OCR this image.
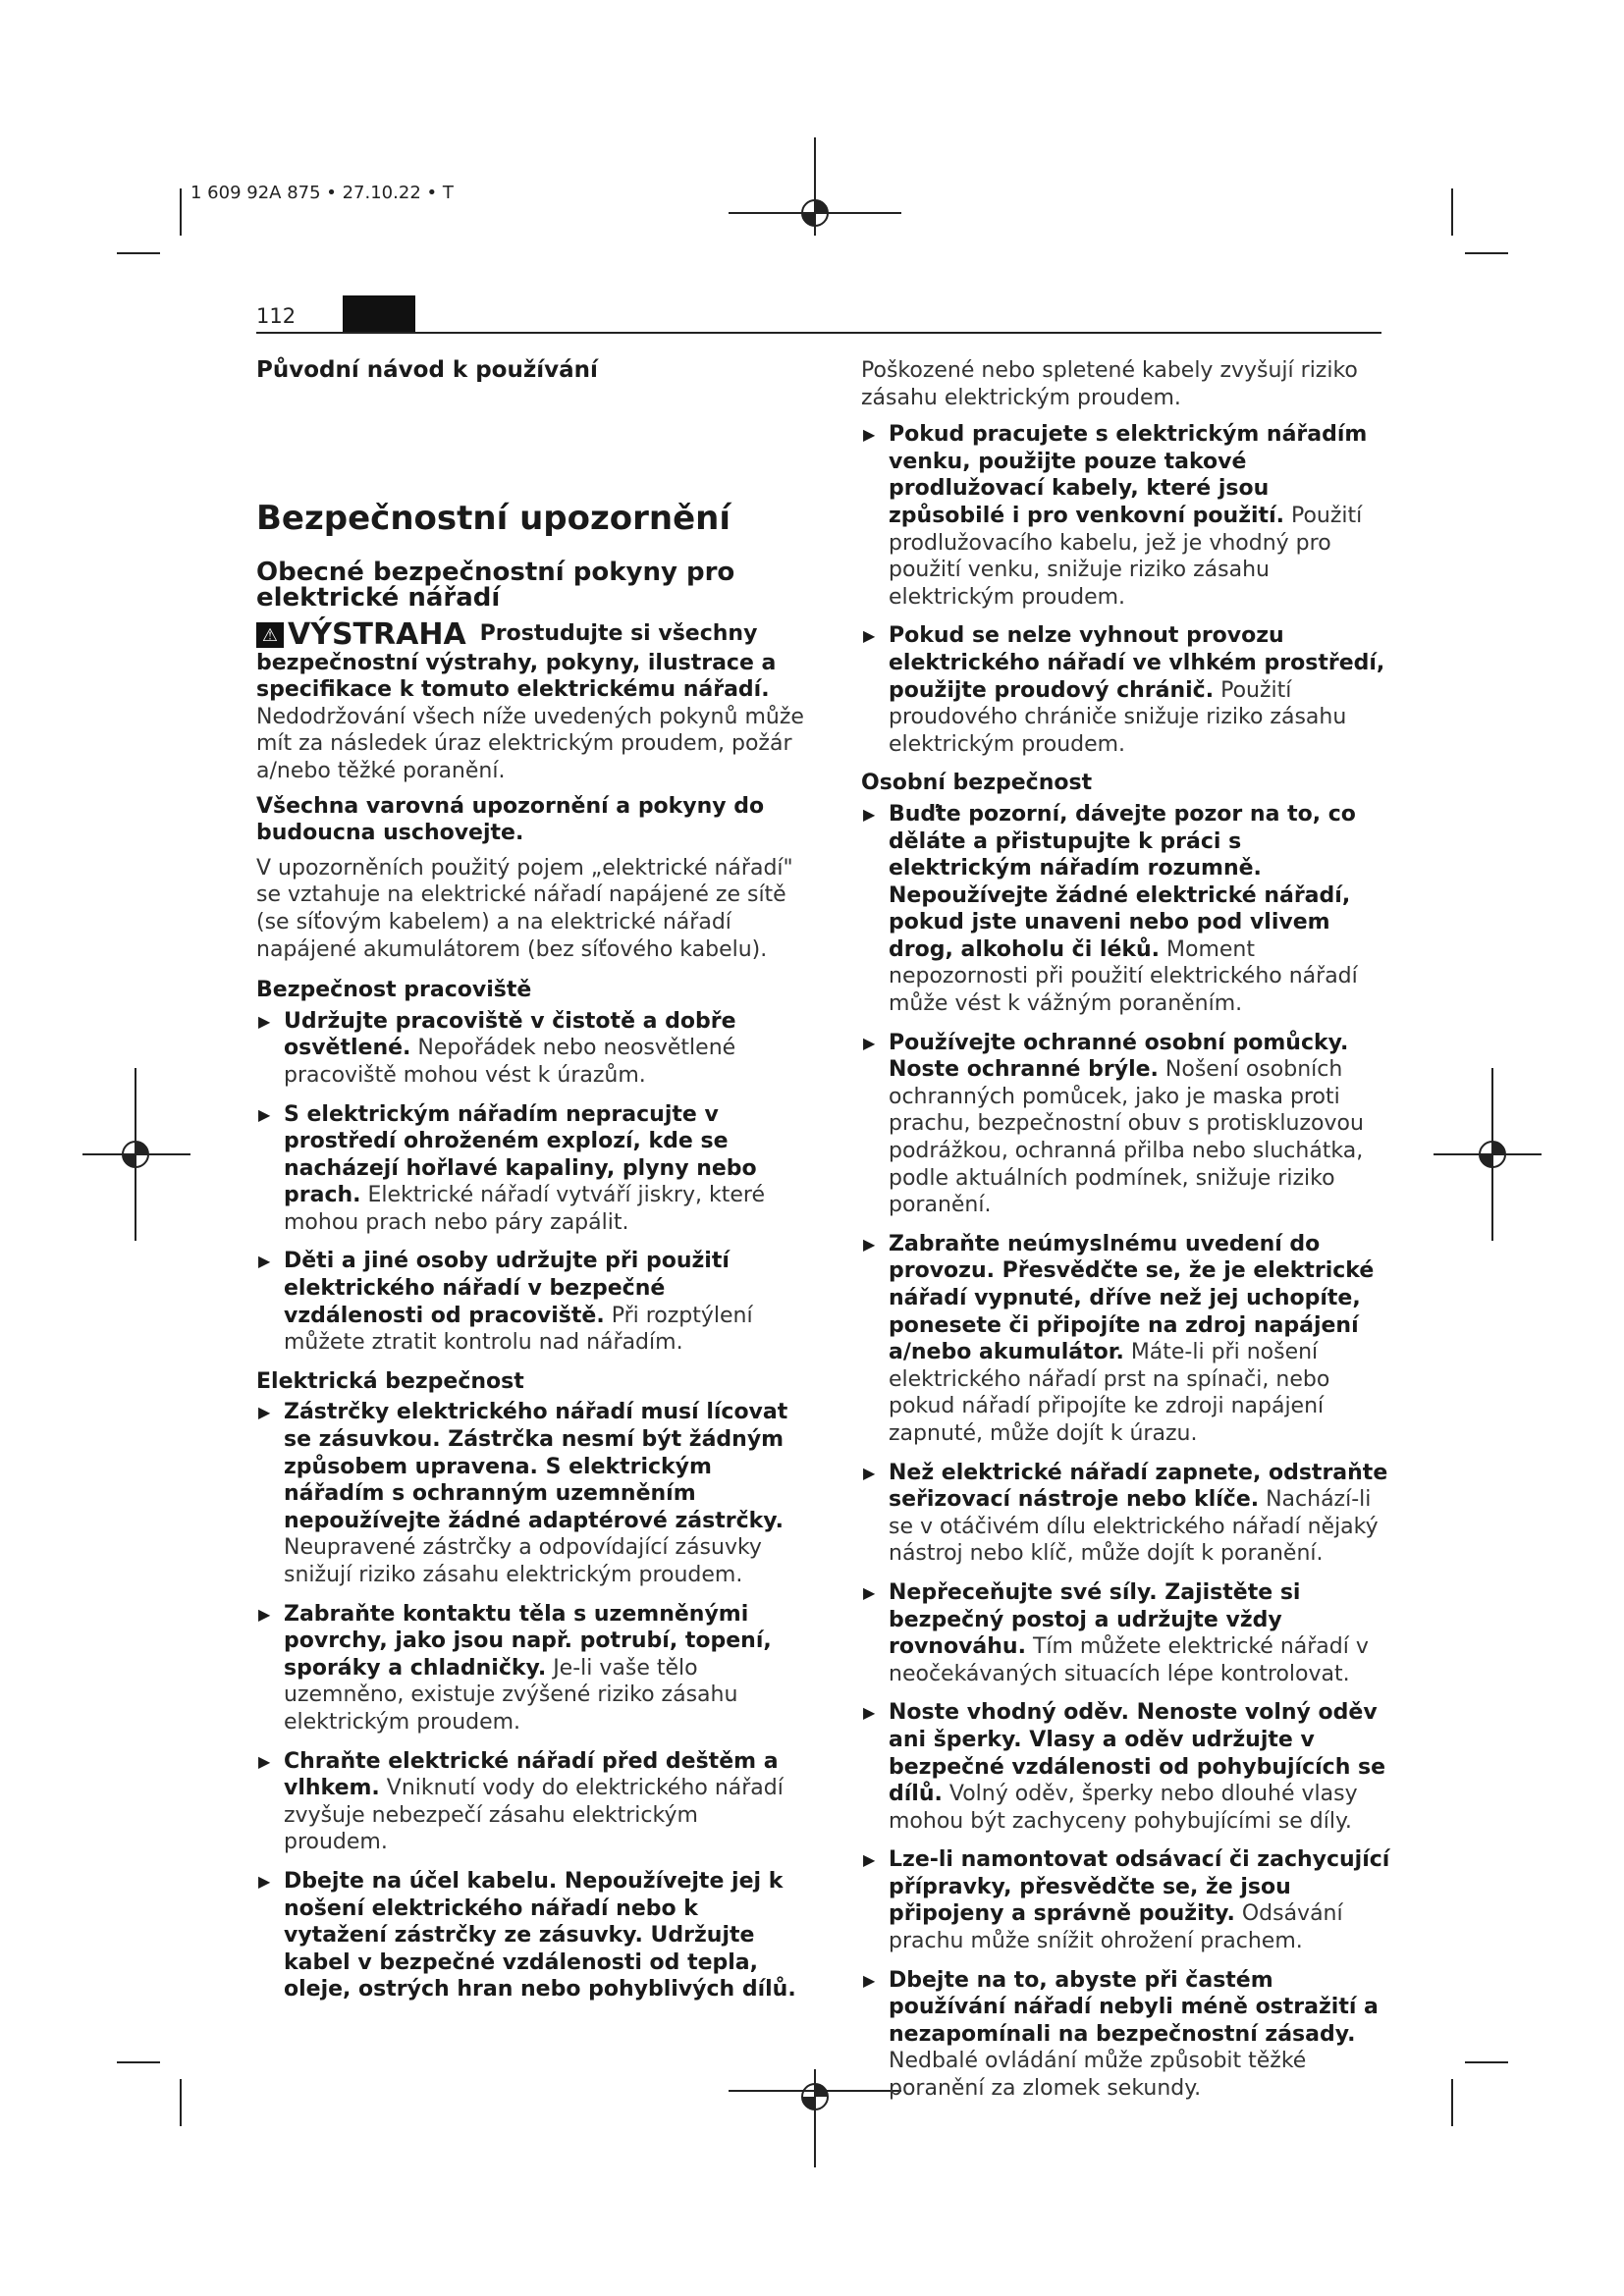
1 609 92A 875 • 27.10.22 • T
112

Původní návod k používání

Bezpečnostní upozornění

Obecné bezpečnostní pokyny pro elektrické nářadí

⚠ VÝSTRAHA Prostudujte si všechny bezpečnostní výstrahy, pokyny, ilustrace a specifikace k tomuto elektrickému nářadí. Nedodržování všech níže uvedených pokynů může mít za následek úraz elektrickým proudem, požár a/nebo těžké poranění.

Všechna varovná upozornění a pokyny do budoucna uschovejte.

V upozorněních použitý pojem „elektrické nářadí" se vztahuje na elektrické nářadí napájené ze sítě (se síťovým kabelem) a na elektrické nářadí napájené akumulátorem (bez síťového kabelu).

Bezpečnost pracoviště

▶ Udržujte pracoviště v čistotě a dobře osvětlené. Nepořádek nebo neosvětlené pracoviště mohou vést k úrazům.
▶ S elektrickým nářadím nepracujte v prostředí ohroženém explozí, kde se nacházejí hořlavé kapaliny, plyny nebo prach. Elektrické nářadí vytváří jiskry, které mohou prach nebo páry zapálit.
▶ Děti a jiné osoby udržujte při použití elektrického nářadí v bezpečné vzdálenosti od pracoviště. Při rozptýlení můžete ztratit kontrolu nad nářadím.

Elektrická bezpečnost

▶ Zástrčky elektrického nářadí musí lícovat se zásuvkou. Zástrčka nesmí být žádným způsobem upravena. S elektrickým nářadím s ochranným uzemněním nepoužívejte žádné adaptérové zástrčky. Neupravené zástrčky a odpovídající zásuvky snižují riziko zásahu elektrickým proudem.
▶ Zabraňte kontaktu těla s uzemněnými povrchy, jako jsou např. potrubí, topení, sporáky a chladničky. Je-li vaše tělo uzemněno, existuje zvýšené riziko zásahu elektrickým proudem.
▶ Chraňte elektrické nářadí před deštěm a vlhkem. Vniknutí vody do elektrického nářadí zvyšuje nebezpečí zásahu elektrickým proudem.
▶ Dbejte na účel kabelu. Nepoužívejte jej k nošení elektrického nářadí nebo k vytažení zástrčky ze zásuvky. Udržujte kabel v bezpečné vzdálenosti od tepla, oleje, ostrých hran nebo pohyblivých dílů.

Poškozené nebo spletené kabely zvyšují riziko zásahu elektrickým proudem.

▶ Pokud pracujete s elektrickým nářadím venku, použijte pouze takové prodlužovací kabely, které jsou způsobilé i pro venkovní použití. Použití prodlužovacího kabelu, jež je vhodný pro použití venku, snižuje riziko zásahu elektrickým proudem.
▶ Pokud se nelze vyhnout provozu elektrického nářadí ve vlhkém prostředí, použijte proudový chránič. Použití proudového chrániče snižuje riziko zásahu elektrickým proudem.

Osobní bezpečnost

▶ Buďte pozorní, dávejte pozor na to, co děláte a přistupujte k práci s elektrickým nářadím rozumně. Nepoužívejte žádné elektrické nářadí, pokud jste unaveni nebo pod vlivem drog, alkoholu či léků. Moment nepozornosti při použití elektrického nářadí může vést k vážným poraněním.
▶ Používejte ochranné osobní pomůcky. Noste ochranné brýle. Nošení osobních ochranných pomůcek, jako je maska proti prachu, bezpečnostní obuv s protiskluzovou podrážkou, ochranná přilba nebo sluchátka, podle aktuálních podmínek, snižuje riziko poranění.
▶ Zabraňte neúmyslnému uvedení do provozu. Přesvědčte se, že je elektrické nářadí vypnuté, dříve než jej uchopíte, ponesete či připojíte na zdroj napájení a/nebo akumulátor. Máte-li při nošení elektrického nářadí prst na spínači, nebo pokud nářadí připojíte ke zdroji napájení zapnuté, může dojít k úrazu.
▶ Než elektrické nářadí zapnete, odstraňte seřizovací nástroje nebo klíče. Nachází-li se v otáčivém dílu elektrického nářadí nějaký nástroj nebo klíč, může dojít k poranění.
▶ Nepřeceňujte své síly. Zajistěte si bezpečný postoj a udržujte vždy rovnováhu. Tím můžete elektrické nářadí v neočekávaných situacích lépe kontrolovat.
▶ Noste vhodný oděv. Nenoste volný oděv ani šperky. Vlasy a oděv udržujte v bezpečné vzdálenosti od pohybujících se dílů. Volný oděv, šperky nebo dlouhé vlasy mohou být zachyceny pohybujícími se díly.
▶ Lze-li namontovat odsávací či zachycující přípravky, přesvědčte se, že jsou připojeny a správně použity. Odsávání prachu může snížit ohrožení prachem.
▶ Dbejte na to, abyste při častém používání nářadí nebyli méně ostražití a nezapomínali na bezpečnostní zásady. Nedbalé ovládání může způsobit těžké poranění za zlomek sekundy.
